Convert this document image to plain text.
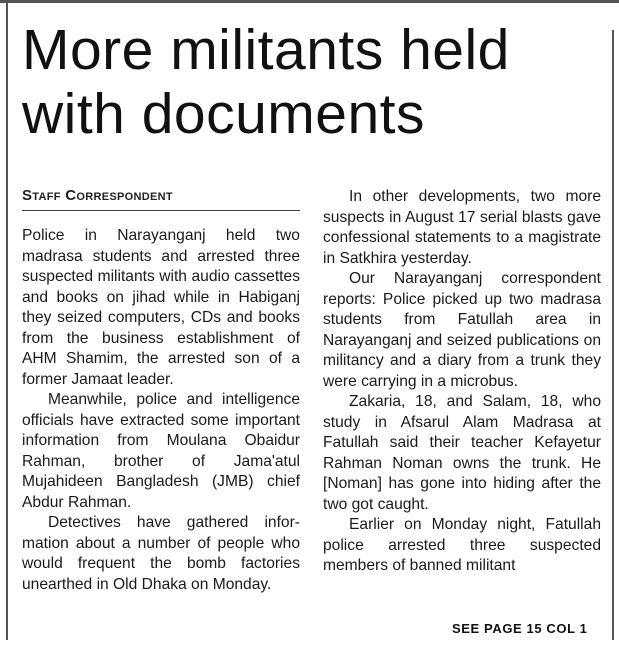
More militants held
with documents
Staff Correspondent

Police in Narayanganj held two madrasa students and arrested three suspected militants with audio cassettes and books on jihad while in Habiganj they seized computers, CDs and books from the business establishment of AHM Shamim, the arrested son of a former Jamaat leader.

Meanwhile, police and intelligence officials have extracted some important information from Moulana Obaidur Rahman, brother of Jama'atul Mujahideen Bangladesh (JMB) chief Abdur Rahman.

Detectives have gathered information about a number of people who would frequent the bomb factories unearthed in Old Dhaka on Monday.

In other developments, two more suspects in August 17 serial blasts gave confessional statements to a magistrate in Satkhira yesterday.

Our Narayanganj correspondent reports: Police picked up two madrasa students from Fatullah area in Narayanganj and seized publications on militancy and a diary from a trunk they were carrying in a microbus.

Zakaria, 18, and Salam, 18, who study in Afsarul Alam Madrasa at Fatullah said their teacher Kefayetur Rahman Noman owns the trunk. He [Noman] has gone into hiding after the two got caught.

Earlier on Monday night, Fatullah police arrested three suspected members of banned militant

SEE PAGE 15 COL 1
